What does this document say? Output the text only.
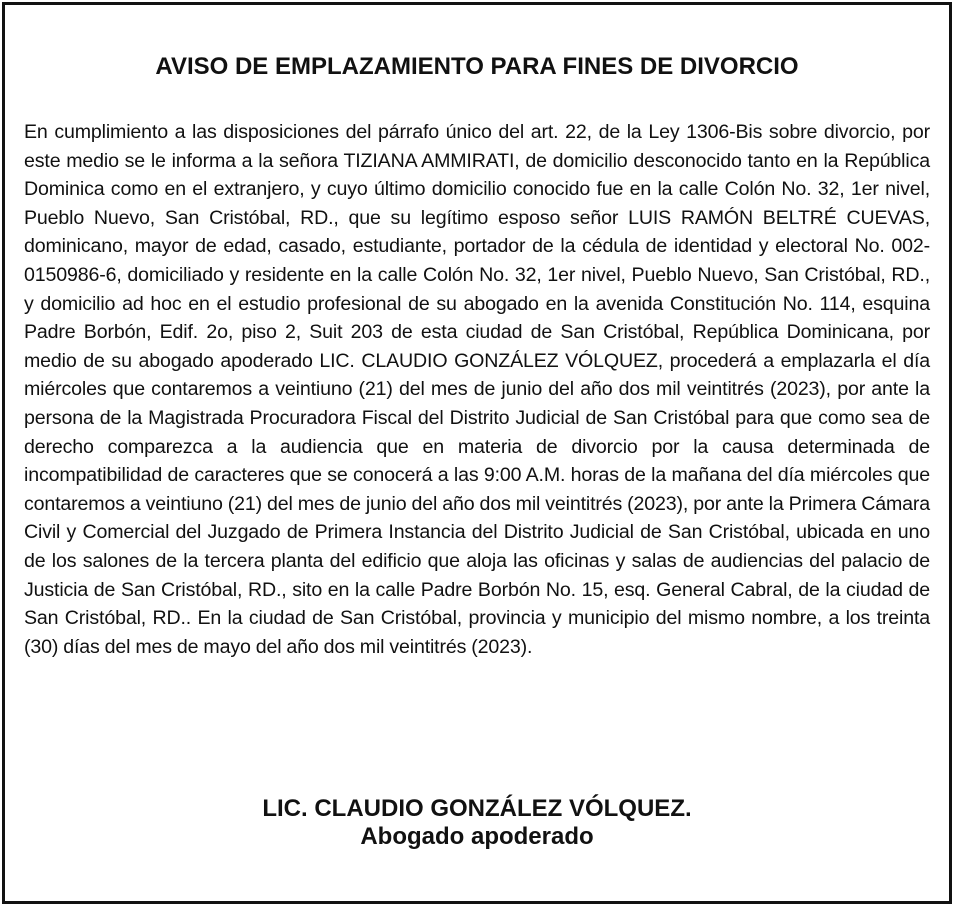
AVISO DE EMPLAZAMIENTO PARA FINES DE DIVORCIO

En cumplimiento a las disposiciones del párrafo único del art. 22, de la Ley 1306-Bis sobre divorcio, por este medio se le informa a la señora TIZIANA AMMIRATI, de domicilio desconocido tanto en la República Dominica como en el extranjero, y cuyo último domicilio conocido fue en la calle Colón No. 32, 1er nivel, Pueblo Nuevo, San Cristóbal, RD., que su legítimo esposo señor LUIS RAMÓN BELTRÉ CUEVAS, dominicano, mayor de edad, casado, estudiante, portador de la cédula de identidad y electoral No. 002-0150986-6, domiciliado y residente en la calle Colón No. 32, 1er nivel, Pueblo Nuevo, San Cristóbal, RD., y domicilio ad hoc en el estudio profesional de su abogado en la avenida Constitución No. 114, esquina Padre Borbón, Edif. 2o, piso 2, Suit 203 de esta ciudad de San Cristóbal, República Dominicana, por medio de su abogado apoderado LIC. CLAUDIO GONZÁLEZ VÓLQUEZ, procederá a emplazarla el día miércoles que contaremos a veintiuno (21) del mes de junio del año dos mil veintitrés (2023), por ante la persona de la Magistrada Procuradora Fiscal del Distrito Judicial de San Cristóbal para que como sea de derecho comparezca a la audiencia que en materia de divorcio por la causa determinada de incompatibilidad de caracteres que se conocerá a las 9:00 A.M. horas de la mañana del día miércoles que contaremos a veintiuno (21) del mes de junio del año dos mil veintitrés (2023), por ante la Primera Cámara Civil y Comercial del Juzgado de Primera Instancia del Distrito Judicial de San Cristóbal, ubicada en uno de los salones de la tercera planta del edificio que aloja las oficinas y salas de audiencias del palacio de Justicia de San Cristóbal, RD., sito en la calle Padre Borbón No. 15, esq. General Cabral, de la ciudad de San Cristóbal, RD.. En la ciudad de San Cristóbal, provincia y municipio del mismo nombre, a los treinta (30) días del mes de mayo del año dos mil veintitrés (2023).

LIC. CLAUDIO GONZÁLEZ VÓLQUEZ.
Abogado apoderado
